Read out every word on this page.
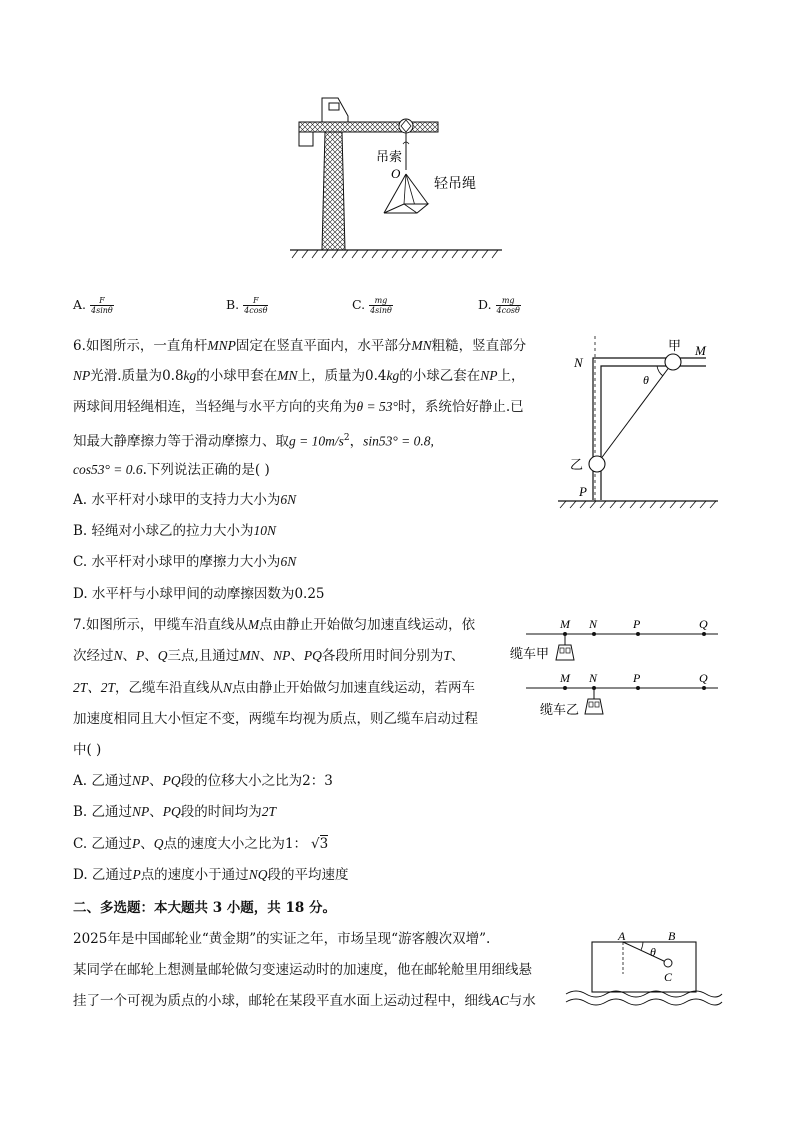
吊索
O
轻吊绳
A. $\frac{F}{4\sin\theta}$	B. $\frac{F}{4\cos\theta}$	C. $\frac{mg}{4\sin\theta}$	D. $\frac{mg}{4\cos\theta}$
6.如图所示，一直角杆MNP固定在竖直平面内，水平部分MN粗糙，竖直部分
NP光滑.质量为0.8kg的小球甲套在MN上，质量为0.4kg的小球乙套在NP上，
两球间用轻绳相连，当轻绳与水平方向的夹角为θ = 53°时，系统恰好静止.已
知最大静摩擦力等于滑动摩擦力、取$g = 10m/s^2$，sin53° = 0.8,
cos53° = 0.6.下列说法正确的是( )
A. 水平杆对小球甲的支持力大小为6N
B. 轻绳对小球乙的拉力大小为10N
C. 水平杆对小球甲的摩擦力大小为6N
D. 水平杆与小球甲间的动摩擦因数为0.25
N
甲 M
θ
乙
P
7.如图所示，甲缆车沿直线从M点由静止开始做匀加速直线运动，依
次经过N、P、Q三点,且通过MN、NP、PQ各段所用时间分别为T、
2T、2T，乙缆车沿直线从N点由静止开始做匀加速直线运动，若两车
加速度相同且大小恒定不变，两缆车均视为质点，则乙缆车启动过程
中( )
A. 乙通过NP、PQ段的位移大小之比为2：3
B. 乙通过NP、PQ段的时间均为2T
C. 乙通过P、Q点的速度大小之比为1： √3
D. 乙通过P点的速度小于通过NQ段的平均速度
M N	P	Q
缆车甲
M N	P	Q
缆车乙
二、多选题：本大题共 3 小题，共 18 分。
2025年是中国邮轮业“黄金期”的实证之年，市场呈现“游客艘次双增”.
某同学在邮轮上想测量邮轮做匀变速运动时的加速度，他在邮轮舱里用细线悬
挂了一个可视为质点的小球，邮轮在某段平直水面上运动过程中，细线AC与水
A	B
θ
C
